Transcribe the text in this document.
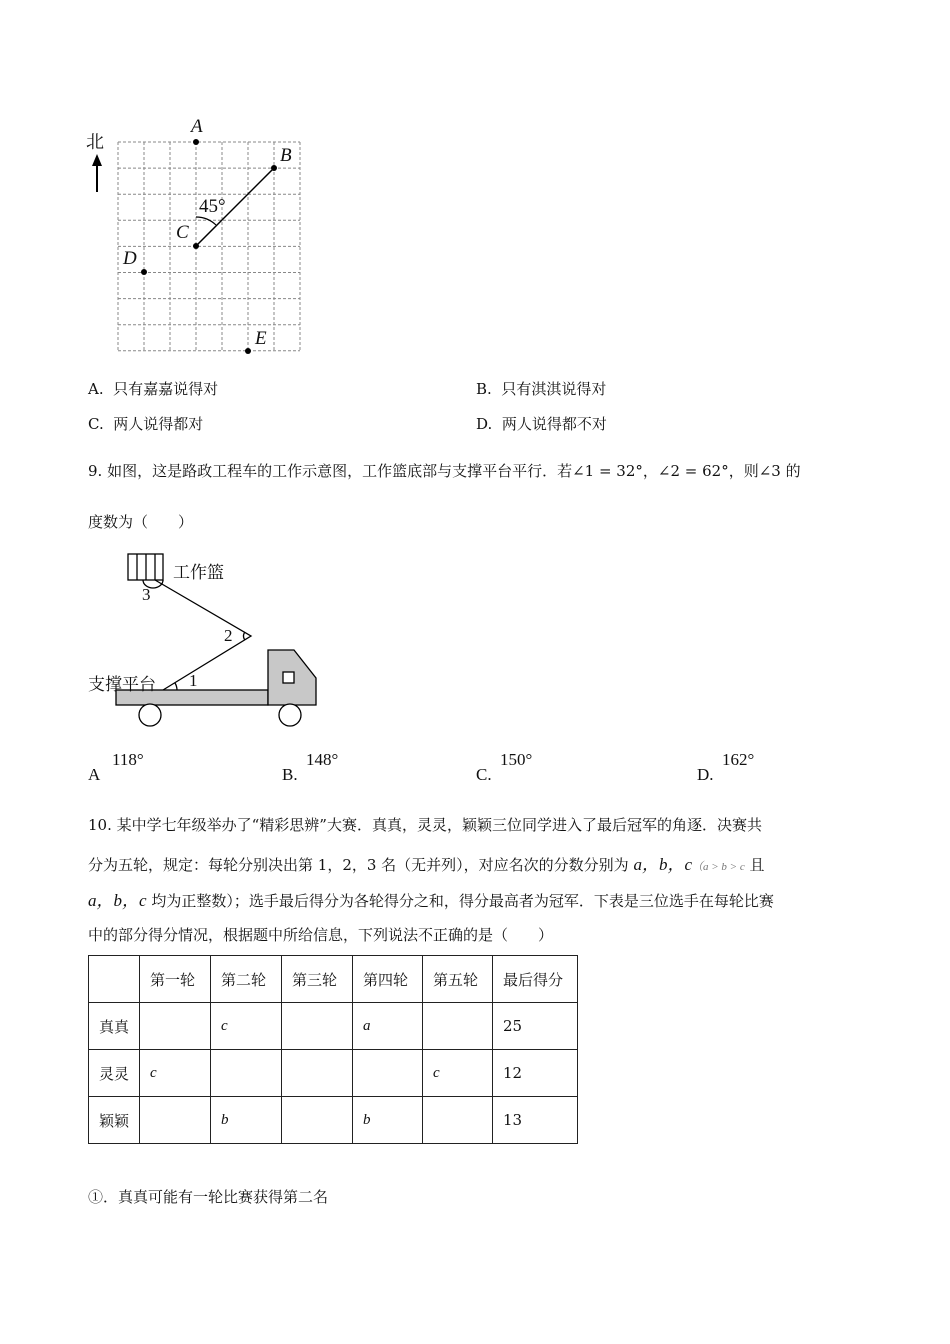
北
A
B
C
D
E
45°
A. 只有嘉嘉说得对	B. 只有淇淇说得对
C. 两人说得都对	D. 两人说得都不对
9. 如图，这是路政工程车的工作示意图，工作篮底部与支撑平台平行．若∠1 = 32°，∠2 = 62°，则∠3 的
度数为（　　）
工作篮
支撑平台 1
2
3
A
118°
B.
148°
C.
150°
D.
162°
10. 某中学七年级举办了“精彩思辨”大赛．真真，灵灵，颖颖三位同学进入了最后冠军的角逐．决赛共
分为五轮，规定：每轮分别决出第 1，2，3 名（无并列），对应名次的分数分别为 a，b，c（a > b > c 且
a，b，c 均为正整数）；选手最后得分为各轮得分之和，得分最高者为冠军．下表是三位选手在每轮比赛
中的部分得分情况，根据题中所给信息，下列说法不正确的是（　　）
	第一轮	第二轮	第三轮	第四轮	第五轮	最后得分
真真		c		a		25
灵灵	c				c	12
颖颖		b		b		13
①．真真可能有一轮比赛获得第二名
